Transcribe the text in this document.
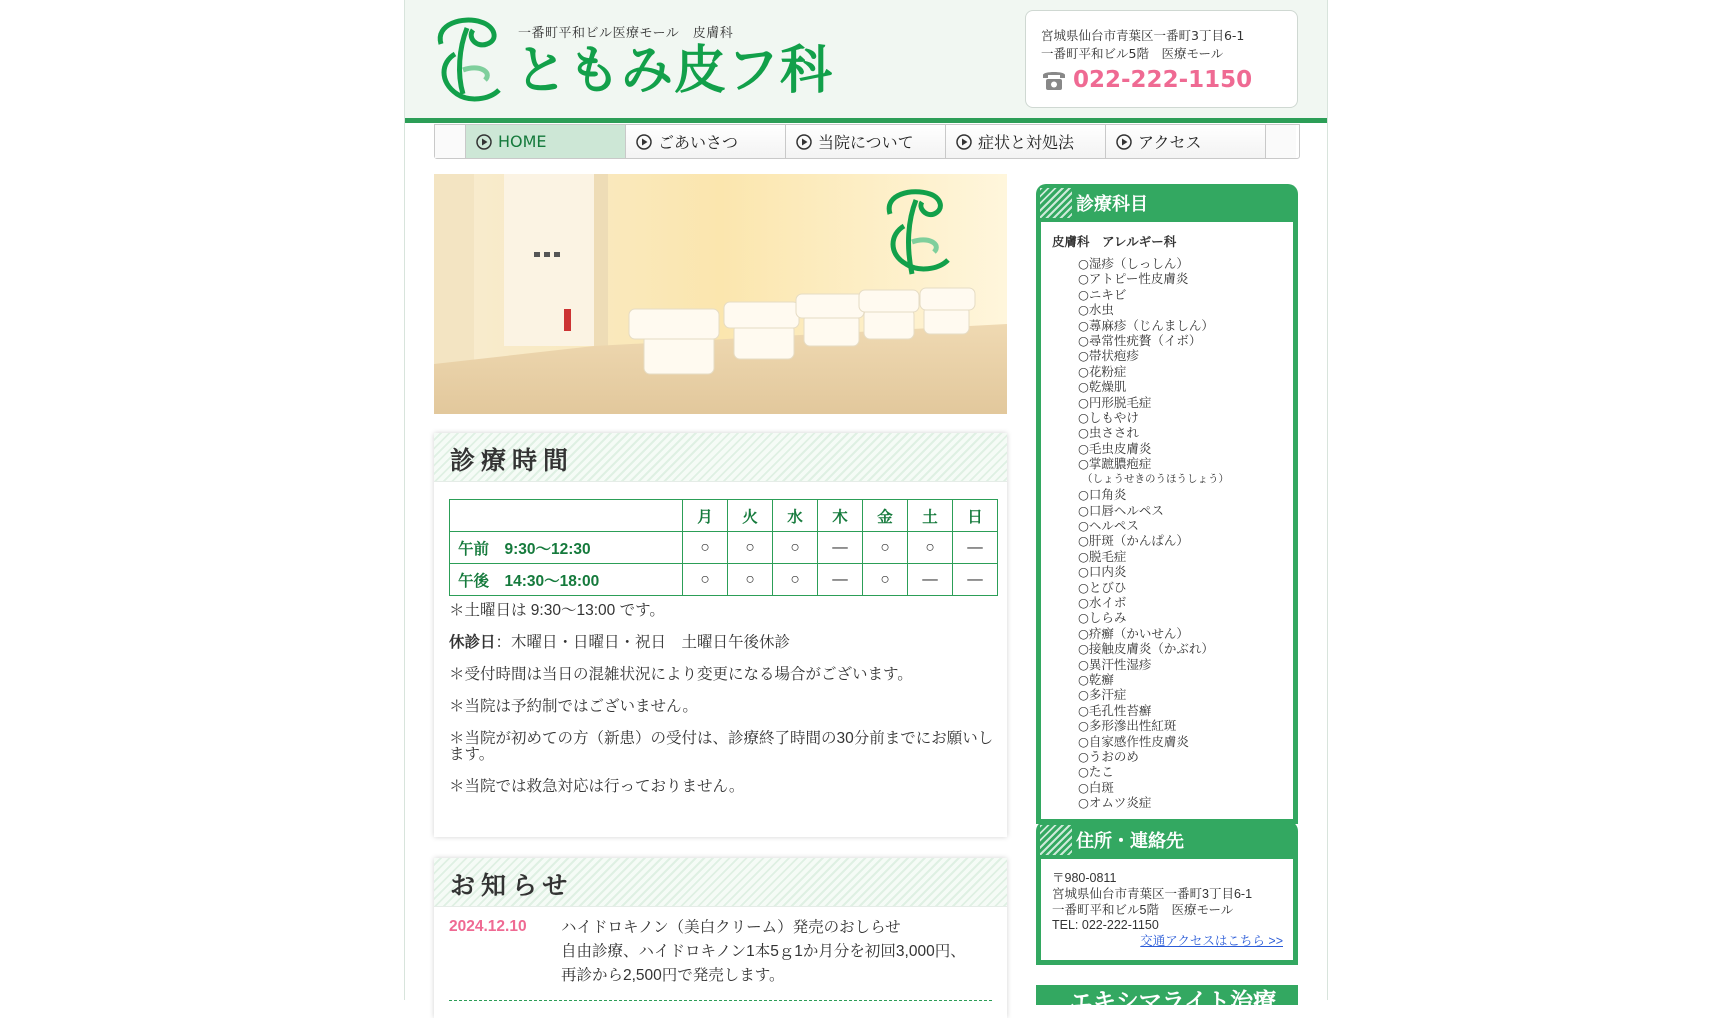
一番町平和ビル医療モール　皮膚科
ともみ皮フ科
宮城県仙台市青葉区一番町3丁目6-1
一番町平和ビル5階　医療モール
022-222-1150
HOME	ごあいさつ	当院について	症状と対処法	アクセス
診療時間
	月	火	水	木	金	土	日
午前　9:30〜12:30	○	○	○	―	○	○	―
午後　14:30〜18:00	○	○	○	―	○	―	―

＊土曜日は 9:30〜13:00 です。

休診日：木曜日・日曜日・祝日　土曜日午後休診

＊受付時間は当日の混雑状況により変更になる場合がございます。

＊当院は予約制ではございません。

＊当院が初めての方（新患）の受付は、診療終了時間の30分前までにお願いします。

＊当院では救急対応は行っておりません。

お知らせ
2024.12.10 ハイドロキノン（美白クリーム）発売のおしらせ
自由診療、ハイドロキノン1本5ｇ1か月分を初回3,000円、
再診から2,500円で発売します。
診療科目
皮膚科　アレルギー科
○湿疹（しっしん）
○アトピー性皮膚炎
○ニキビ
○水虫
○蕁麻疹（じんましん）
○尋常性疣贅（イボ）
○帯状疱疹
○花粉症
○乾燥肌
○円形脱毛症
○しもやけ
○虫さされ
○毛虫皮膚炎
○掌蹠膿疱症
（しょうせきのうほうしょう）
○口角炎
○口唇ヘルペス
○ヘルペス
○肝斑（かんぱん）
○脱毛症
○口内炎
○とびひ
○水イボ
○しらみ
○疥癬（かいせん）
○接触皮膚炎（かぶれ）
○異汗性湿疹
○乾癬
○多汗症
○毛孔性苔癬
○多形滲出性紅斑
○自家感作性皮膚炎
○うおのめ
○たこ
○白斑
○オムツ炎症
住所・連絡先
〒980-0811
宮城県仙台市青葉区一番町3丁目6-1
一番町平和ビル5階　医療モール
TEL: 022-222-1150
交通アクセスはこちら >>
エキシマライト治療
